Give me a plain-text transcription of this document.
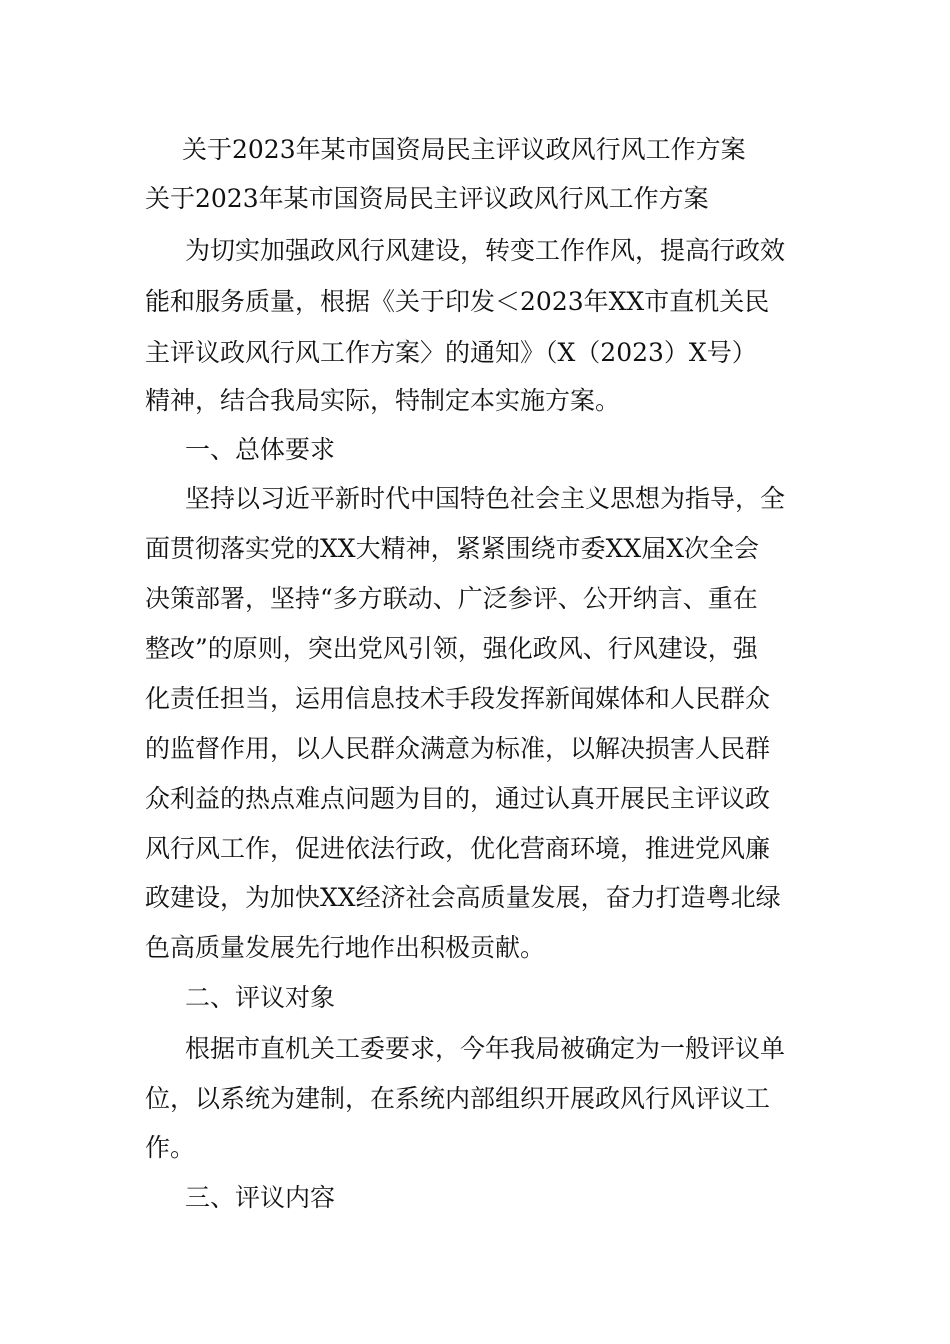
关于2023年某市国资局民主评议政风行风工作方案
关于2023年某市国资局民主评议政风行风工作方案
为切实加强政风行风建设，转变工作作风，提高行政效
能和服务质量，根据《关于印发＜2023年XX市直机关民
主评议政风行风工作方案〉的通知》（X（2023）X号）
精神，结合我局实际，特制定本实施方案。
一、总体要求
坚持以习近平新时代中国特色社会主义思想为指导，全
面贯彻落实党的XX大精神，紧紧围绕市委XX届X次全会
决策部署，坚持“多方联动、广泛参评、公开纳言、重在
整改”的原则，突出党风引领，强化政风、行风建设，强
化责任担当，运用信息技术手段发挥新闻媒体和人民群众
的监督作用，以人民群众满意为标准，以解决损害人民群
众利益的热点难点问题为目的，通过认真开展民主评议政
风行风工作，促进依法行政，优化营商环境，推进党风廉
政建设，为加快XX经济社会高质量发展，奋力打造粤北绿
色高质量发展先行地作出积极贡献。
二、评议对象
根据市直机关工委要求，今年我局被确定为一般评议单
位，以系统为建制，在系统内部组织开展政风行风评议工
作。
三、评议内容
